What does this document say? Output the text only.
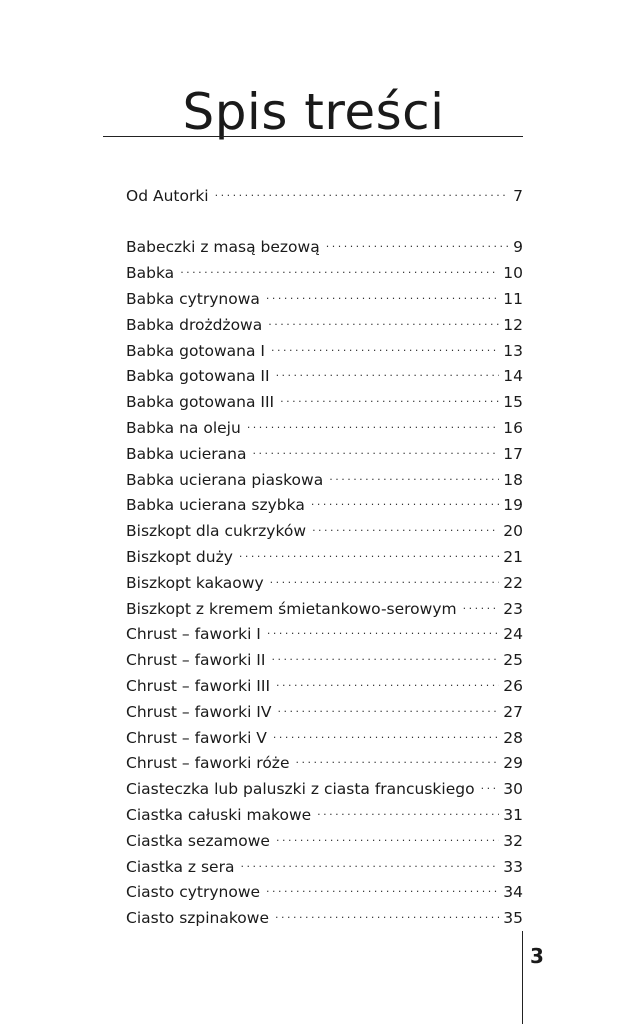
Spis treści
Od Autorki . . .	7
Babeczki z masą bezową . . .	9
Babka . . .	10
Babka cytrynowa . . .	11
Babka drożdżowa . . .	12
Babka gotowana I . . .	13
Babka gotowana II . . .	14
Babka gotowana III . . .	15
Babka na oleju . . .	16
Babka ucierana . . .	17
Babka ucierana piaskowa . . .	18
Babka ucierana szybka . . .	19
Biszkopt dla cukrzyków . . .	20
Biszkopt duży . . .	21
Biszkopt kakaowy . . .	22
Biszkopt z kremem śmietankowo-serowym . . .	23
Chrust – faworki I . . .	24
Chrust – faworki II . . .	25
Chrust – faworki III . . .	26
Chrust – faworki IV . . .	27
Chrust – faworki V . . .	28
Chrust – faworki róże . . .	29
Ciasteczka lub paluszki z ciasta francuskiego . . .	30
Ciastka całuski makowe . . .	31
Ciastka sezamowe . . .	32
Ciastka z sera . . .	33
Ciasto cytrynowe . . .	34
Ciasto szpinakowe . . .	35
3
